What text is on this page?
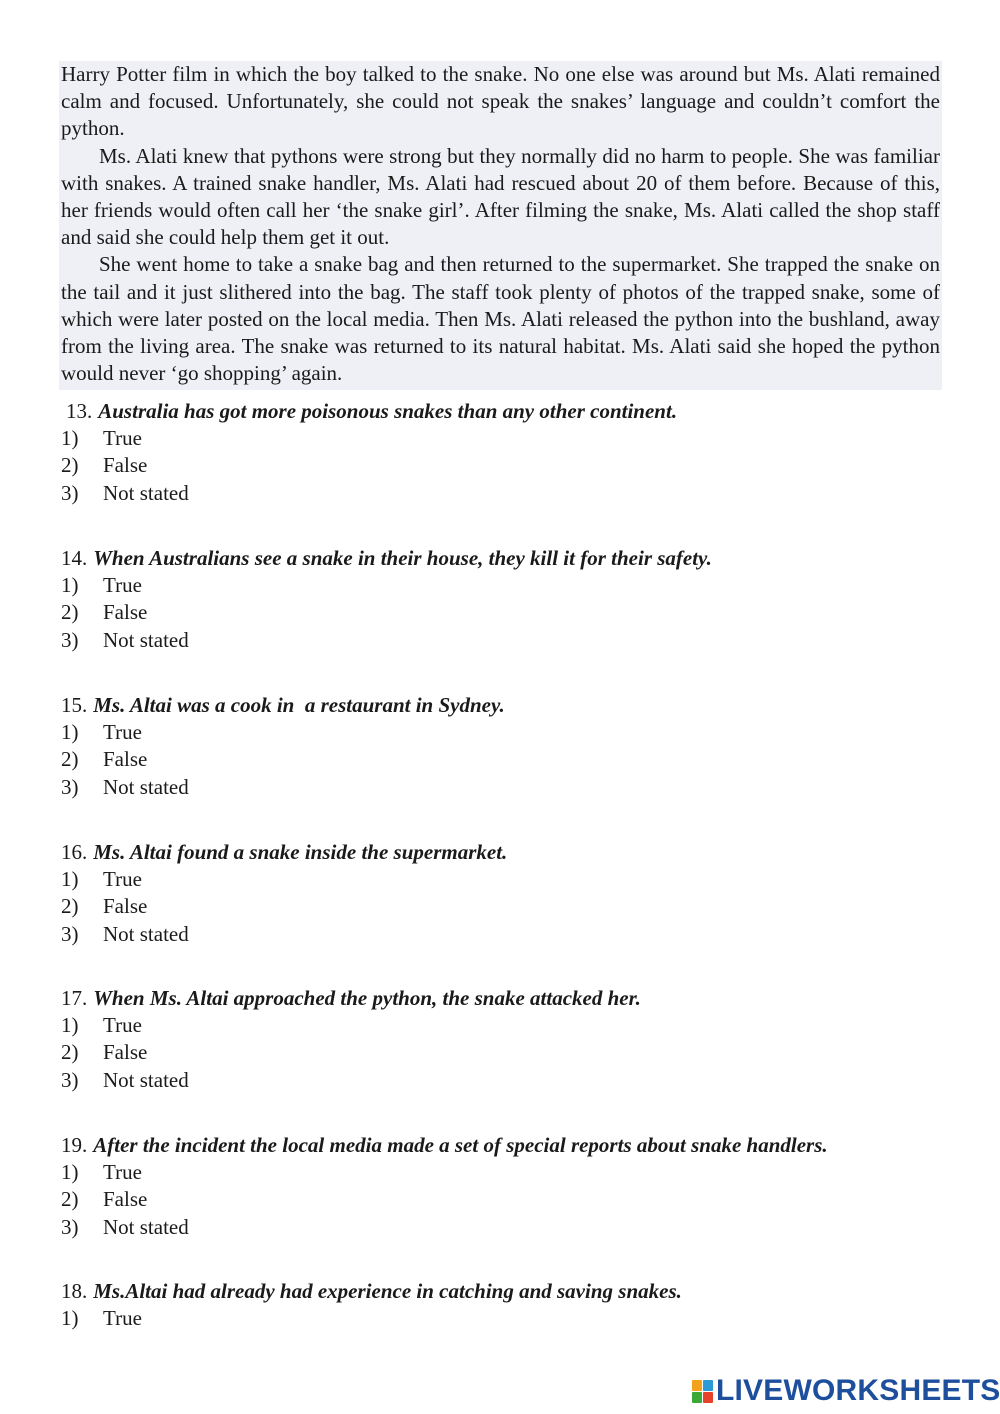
Harry Potter film in which the boy talked to the snake. No one else was around but Ms. Alati remained calm and focused. Unfortunately, she could not speak the snakes’ language and couldn’t comfort the python.

Ms. Alati knew that pythons were strong but they normally did no harm to people. She was familiar with snakes. A trained snake handler, Ms. Alati had rescued about 20 of them before. Because of this, her friends would often call her ‘the snake girl’. After filming the snake, Ms. Alati called the shop staff and said she could help them get it out.

She went home to take a snake bag and then returned to the supermarket. She trapped the snake on the tail and it just slithered into the bag. The staff took plenty of photos of the trapped snake, some of which were later posted on the local media. Then Ms. Alati released the python into the bushland, away from the living area. The snake was returned to its natural habitat. Ms. Alati said she hoped the python would never ‘go shopping’ again.

13. Australia has got more poisonous snakes than any other continent.
1) True
2) False
3) Not stated
14. When Australians see a snake in their house, they kill it for their safety.
1) True
2) False
3) Not stated
15. Ms. Altai was a cook in  a restaurant in Sydney.
1) True
2) False
3) Not stated
16. Ms. Altai found a snake inside the supermarket.
1) True
2) False
3) Not stated
17. When Ms. Altai approached the python, the snake attacked her.
1) True
2) False
3) Not stated
19. After the incident the local media made a set of special reports about snake handlers.
1) True
2) False
3) Not stated
18. Ms.Altai had already had experience in catching and saving snakes.
1) True
LIVEWORKSHEETS
